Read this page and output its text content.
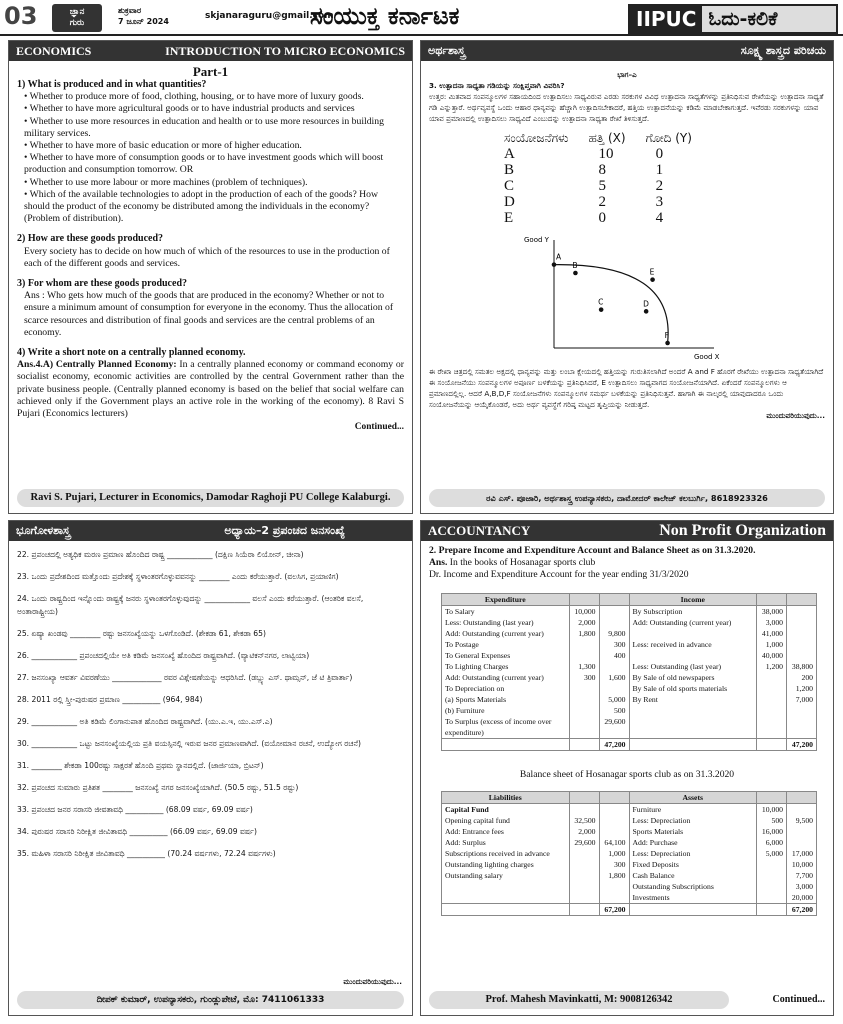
03	ಜ್ಞಾನ
ಗುರು
ಶುಕ್ರವಾರ
7 ಜೂನ್ 2024
skjanaraguru@gmail.com
ಸಂಯುಕ್ತ ಕರ್ನಾಟಕ	IIPUC ಓದು-ಕಲಿಕೆ
ECONOMICS	INTRODUCTION TO MICRO ECONOMICS
Part-1
1) What is produced and in what quantities?

• Whether to produce more of food, clothing, housing, or to have more of luxury goods.

• Whether to have more agricultural goods or to have industrial products and services

• Whether to use more resources in education and health or to use more resources in building military services.

• Whether to have more of basic education or more of higher education.

• Whether to have more of consumption goods or to have investment goods which will boost production and consumption tomorrow. OR

• Whether to use more labour or more machines (problem of techniques).

• Which of the available technologies to adopt in the production of each of the goods? How should the product of the economy be distributed among the individuals in the economy? (Problem of distribution).

2) How are these goods produced?

Every society has to decide on how much of which of the resources to use in the production of each of the different goods and services.

3) For whom are these goods produced?

Ans : Who gets how much of the goods that are produced in the economy? Whether or not to ensure a minimum amount of consumption for everyone in the economy. Thus the allocation of scarce resources and distribution of final goods and services are the central problems of an economy.

4) Write a short note on a centrally planned economy.

Ans.4.A) Centrally Planned Economy: In a centrally planned economy or command economy or socialist economy, economic activities are controlled by the central Government rather than the private business people. (Centrally planned economy is based on the belief that social welfare can achieved only if the Government plays an active role in the working of the economy). 8 Ravi S Pujari (Economics lecturers)

Continued...
Ravi S. Pujari, Lecturer in Economics, Damodar Raghoji PU College Kalaburgi.
ಅರ್ಥಶಾಸ್ತ್ರ	ಸೂಕ್ಷ್ಮ ಶಾಸ್ತ್ರದ ಪರಿಚಯ
ಭಾಗ–ಎ
3. ಉತ್ಪಾದನಾ ಸಾಧ್ಯತಾ ಗಡಿಯನ್ನು ಸಂಕ್ಷಿಪ್ತವಾಗಿ ವಿವರಿಸಿ?
ಉತ್ತರ: ಮಿತವಾದ ಸಂಪನ್ಮೂಲಗಳ ಸಹಾಯದಿಂದ ಉತ್ಪಾದಿಸಲು ಸಾಧ್ಯವಿರುವ ಎರಡು ಸರಕುಗಳ ವಿವಿಧ ಉತ್ಪಾದನಾ ಸಾಧ್ಯತೆಗಳನ್ನು ಪ್ರತಿನಿಧಿಸುವ ರೇಖೆಯನ್ನು ಉತ್ಪಾದನಾ ಸಾಧ್ಯತೆ ಗಡಿ ಎನ್ನುತ್ತಾರೆ. ಅರ್ಥವ್ಯವಸ್ಥೆ ಒಂದು ಆಹಾರ ಧಾನ್ಯವನ್ನು ಹೆಚ್ಚಾಗಿ ಉತ್ಪಾದಿಸಬೇಕಾದರೆ, ಹತ್ತಿಯ ಉತ್ಪಾದನೆಯನ್ನು ಕಡಿಮೆ ಮಾಡಬೇಕಾಗುತ್ತದೆ. ಇವೆರಡು ಸರಕುಗಳನ್ನು ಯಾವ ಯಾವ ಪ್ರಮಾಣದಲ್ಲಿ ಉತ್ಪಾದಿಸಲು ಸಾಧ್ಯವಿದೆ ಎಂಬುದನ್ನು ಉತ್ಪಾದನಾ ಸಾಧ್ಯತಾ ರೇಖೆ ತಿಳಿಸುತ್ತದೆ.
ಸಂಯೋಜನೆಗಳು	ಹತ್ತಿ (X)	ಗೋದಿ (Y)
A	10	0
B	8	1
C	5	2
D	2	3
E	0	4
Good Y
Good X
A
B
E
C	D
F
ಈ ರೇಖಾ ಚಿತ್ರದಲ್ಲಿ ಸಮತಲ ಅಕ್ಷದಲ್ಲಿ ಧಾನ್ಯವನ್ನು ಮತ್ತು ಲಂಬಾ ಕ್ಷೇಯದಲ್ಲಿ ಹತ್ತಿಯನ್ನು ಗುರುತಿಸಲಾಗಿದೆ ಅಂದರೆ A and F ಹೊರಗೆ ರೇಖೆಯು ಉತ್ಪಾದನಾ ಸಾಧ್ಯತೆಯಾಗಿದೆ ಈ ಸಂಯೋಜನೆಯು ಸಂಪನ್ಮೂಲಗಳ ಅಪೂರ್ಣ ಬಳಕೆಯನ್ನು ಪ್ರತಿನಿಧಿಸಿದರೆ, E ಉತ್ಪಾದಿಸಲು ಸಾಧ್ಯವಾಗದ ಸಂಯೋಜನೆಯಾಗಿದೆ. ಏಕೆಂದರೆ ಸಂಪನ್ಮೂಲಗಳು ಆ ಪ್ರಮಾಣದಲ್ಲಿಲ್ಲ. ಆದರೆ A,B,D,F ಸಂಯೋಜನೆಗಳು ಸಂಪನ್ಮೂಲಗಳ ಸಮರ್ಥ ಬಳಕೆಯನ್ನು ಪ್ರತಿನಿಧಿಸುತ್ತವೆ. ಹಾಗಾಗಿ ಈ ನಾಲ್ಕರಲ್ಲಿ ಯಾವುದಾದರೂ ಒಂದು ಸಂಯೋಜನೆಯನ್ನು ಆಯ್ಕೆಕೊಂಡರೆ, ಅದು ಅರ್ಥ ವ್ಯವಸ್ಥೆಗೆ ಗರಿಷ್ಠ ಮಟ್ಟದ ತೃಪ್ತಿಯನ್ನು ನೀಡುತ್ತದೆ.
ಮುಂದುವರಿಯುವುದು...
ರವಿ ಎಸ್. ಪೂಜಾರಿ, ಅರ್ಥಶಾಸ್ತ್ರ ಉಪನ್ಯಾಸಕರು, ದಾಮೋದರ್ ಕಾಲೇಜ್ ಕಲಬುರ್ಗಿ, 8618923326
ಭೂಗೋಳಶಾಸ್ತ್ರ	ಅಧ್ಯಾಯ–2 ಪ್ರಪಂಚದ ಜನಸಂಖ್ಯೆ

22. ಪ್ರಪಂಚದಲ್ಲಿ ಅತ್ಯಧಿಕ ಮರಣ ಪ್ರಮಾಣ ಹೊಂದಿದ ರಾಷ್ಟ್ರ ____________ (ದಕ್ಷಿಣ ಸಿಯೆರಾ ಲಿಯೋನ್, ಚೀನಾ)

23. ಒಂದು ಪ್ರದೇಶದಿಂದ ಮತ್ತೊಂದು ಪ್ರದೇಶಕ್ಕೆ ಸ್ಥಳಾಂತರಗೊಳ್ಳುವವನನ್ನು ________ ಎಂದು ಕರೆಯುತ್ತಾರೆ. (ವಲಸಿಗ, ಪ್ರಯಾಣಿಗ)

24. ಒಂದು ರಾಷ್ಟ್ರದಿಂದ ಇನ್ನೊಂದು ರಾಷ್ಟ್ರಕ್ಕೆ ಜನರು ಸ್ಥಳಾಂತರಗೊಳ್ಳುವುದನ್ನು ____________ ವಲಸೆ ಎಂದು ಕರೆಯುತ್ತಾರೆ. (ಆಂತರಿಕ ವಲಸೆ, ಅಂತಾರಾಷ್ಟ್ರೀಯ)

25. ಏಷ್ಯಾ ಖಂಡವು ________ ರಷ್ಟು ಜನಸಂಖ್ಯೆಯನ್ನು ಒಳಗೊಂಡಿದೆ. (ಶೇಕಡಾ 61, ಶೇಕಡಾ 65)

26. ____________ ಪ್ರಪಂಚದಲ್ಲಿಯೇ ಅತಿ ಕಡಿಮೆ ಜನಸಂಖ್ಯೆ ಹೊಂದಿದ ರಾಷ್ಟ್ರವಾಗಿದೆ. (ವ್ಯಾಟಿಕನ್‌ನಗರ, ಲಾಟ್ವಿಯಾ)

27. ಜನಸಂಖ್ಯಾ ಆವರ್ತ ವಿವರಣೆಯು _____________ ರವರ ವಿಶ್ಲೇಷಣೆಯನ್ನು ಆಧರಿಸಿದೆ. (ಡಬ್ಲ್ಯು ಎಸ್. ಥಾಮ್ಸನ್, ಜೆ ಟಿ ತ್ರಿವಾರ್ತಾ)

28. 2011 ರಲ್ಲಿ ಸ್ತ್ರೀ-ಪುರುಷರ ಪ್ರಮಾಣ __________ (964, 984)

29. ____________ ಅತಿ ಕಡಿಮೆ ಲಿಂಗಾನುಪಾತ ಹೊಂದಿದ ರಾಷ್ಟ್ರವಾಗಿದೆ. (ಯು.ಎ.ಇ, ಯು.ಎಸ್.ಎ)

30. ____________ ಒಟ್ಟು ಜನಸಂಖ್ಯೆಯಲ್ಲಿಯ ಪ್ರತಿ ವಯಸ್ಸಿನಲ್ಲಿ ಇರುವ ಜನರ ಪ್ರಮಾಣವಾಗಿದೆ. (ವಯೋಮಾನ ರಚನೆ, ಉದ್ಯೋಗ ರಚನೆ)

31. ________ ಶೇಕಡಾ 100ರಷ್ಟು ಸಾಕ್ಷರತೆ ಹೊಂದಿ ಪ್ರಥಮ ಸ್ಥಾನದಲ್ಲಿದೆ. (ಜಾರ್ಜಿಯಾ, ಬ್ರಿಟನ್)

32. ಪ್ರಪಂಚದ ಸುಮಾರು ಪ್ರತಿಶತ ________ ಜನಸಂಖ್ಯೆ ನಗರ ಜನಸಂಖ್ಯೆಯಾಗಿದೆ. (50.5 ರಷ್ಟು, 51.5 ರಷ್ಟು)

33. ಪ್ರಪಂಚದ ಜನರ ಸರಾಸರಿ ಜೀವತಾವಧಿ __________ (68.09 ವರ್ಷ, 69.09 ವರ್ಷ)

34. ಪುರುಷರ ಸರಾಸರಿ ನಿರೀಕ್ಷಿತ ಜೀವಿತಾವಧಿ __________ (66.09 ವರ್ಷ, 69.09 ವರ್ಷ)

35. ಮಹಿಳಾ ಸರಾಸರಿ ನಿರೀಕ್ಷಿತ ಜೀವಿತಾವಧಿ __________ (70.24 ವರ್ಷಗಳು, 72.24 ವರ್ಷಗಳು)

ಮುಂದುವರಿಯುವುದು...
ದೀಪಕ್ ಕುಮಾರ್, ಉಪನ್ಯಾಸಕರು, ಗುಂಡ್ಲುಪೇಟೆ, ಮೊ: 7411061333
ACCOUNTANCY	Non Profit Organization
2. Prepare Income and Expenditure Account and Balance Sheet as on 31.3.2020.
Ans. In the books of Hosanagar sports club
Dr. Income and Expenditure Account for the year ending 31/3/2020
Expenditure			Income		
To Salary	10,000		By Subscription	38,000	
Less: Outstanding (last year)	2,000		Add: Outstanding (current year)	3,000	
Add: Outstanding (current year)	1,800	9,800		41,000	
To Postage		300	Less: received in advance	1,000	
To General Expenses		400		40,000	
To Lighting Charges	1,300		Less: Outstanding (last year)	1,200	38,800
Add: Outstanding (current year)	300	1,600	By Sale of old newspapers		200
To Depreciation on			By Sale of old sports materials		1,200
(a) Sports Materials		5,000	By Rent		7,000
(b) Furniture		500			
To Surplus (excess of income over expenditure)		29,600			
		47,200			47,200
Balance sheet of Hosanagar sports club as on 31.3.2020
Liabilities			Assets		
Capital Fund			Furniture	10,000	
Opening capital fund	32,500		Less: Depreciation	500	9,500
Add: Entrance fees	2,000		Sports Materials	16,000	
Add: Surplus	29,600	64,100	Add: Purchase	6,000	
Subscriptions received in advance		1,000	Less: Depreciation	5,000	17,000
Outstanding lighting charges		300	Fixed Deposits		10,000
Outstanding salary		1,800	Cash Balance		7,700
			Outstanding Subscriptions		3,000
			Investments		20,000
		67,200			67,200
Prof. Mahesh Mavinkatti, M: 9008126342	Continued...
